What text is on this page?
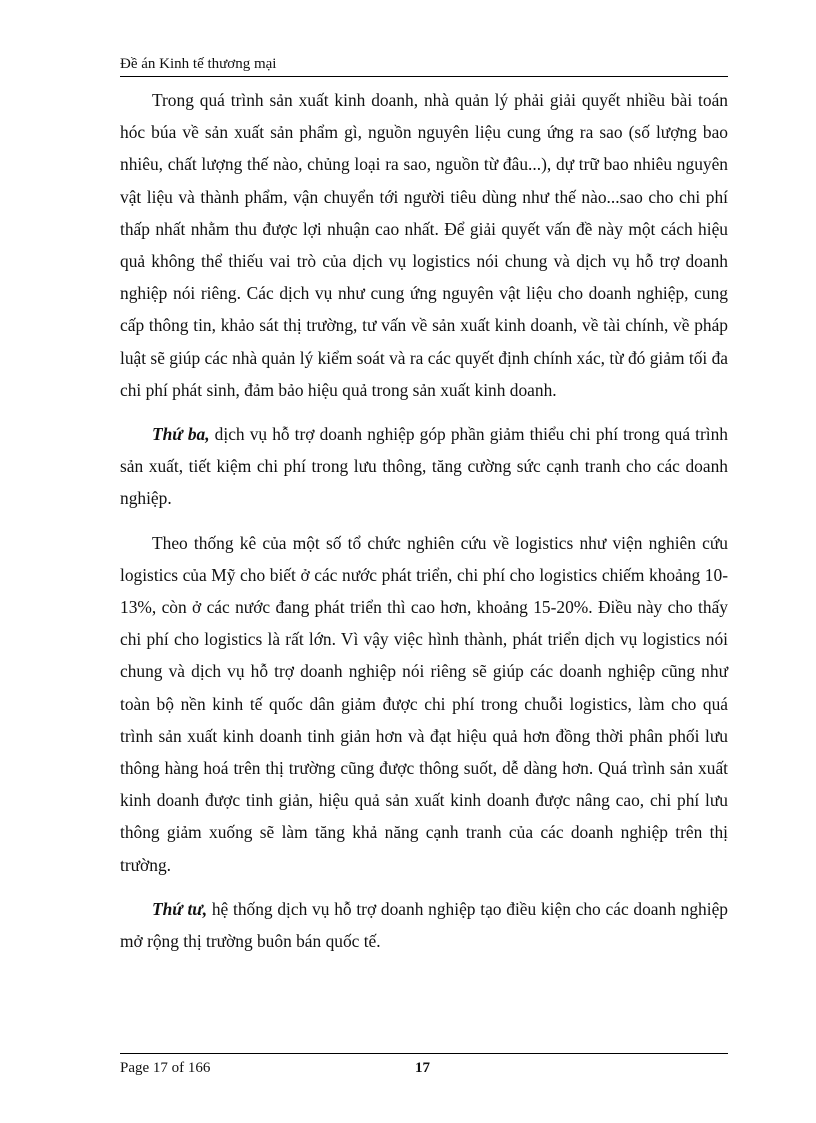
Đề án Kinh tế thương mại

Trong quá trình sản xuất kinh doanh, nhà quản lý phải giải quyết nhiều bài toán hóc búa về sản xuất sản phẩm gì, nguồn nguyên liệu cung ứng ra sao (số lượng bao nhiêu, chất lượng thế nào, chủng loại ra sao, nguồn từ đâu...), dự trữ bao nhiêu nguyên vật liệu và thành phẩm, vận chuyển tới người tiêu dùng như thế nào...sao cho chi phí thấp nhất nhằm thu được lợi nhuận cao nhất. Để giải quyết vấn đề này một cách hiệu quả không thể thiếu vai trò của dịch vụ logistics nói chung và dịch vụ hỗ trợ doanh nghiệp nói riêng. Các dịch vụ như cung ứng nguyên vật liệu cho doanh nghiệp, cung cấp thông tin, khảo sát thị trường, tư vấn về sản xuất kinh doanh, về tài chính, về pháp luật sẽ giúp các nhà quản lý kiểm soát và ra các quyết định chính xác, từ đó giảm tối đa chi phí phát sinh, đảm bảo hiệu quả trong sản xuất kinh doanh.

Thứ ba, dịch vụ hỗ trợ doanh nghiệp góp phần giảm thiểu chi phí trong quá trình sản xuất, tiết kiệm chi phí trong lưu thông, tăng cường sức cạnh tranh cho các doanh nghiệp.

Theo thống kê của một số tổ chức nghiên cứu về logistics như viện nghiên cứu logistics của Mỹ cho biết ở các nước phát triển, chi phí cho logistics chiếm khoảng 10-13%, còn ở các nước đang phát triển thì cao hơn, khoảng 15-20%. Điều này cho thấy chi phí cho logistics là rất lớn. Vì vậy việc hình thành, phát triển dịch vụ logistics nói chung và dịch vụ hỗ trợ doanh nghiệp nói riêng sẽ giúp các doanh nghiệp cũng như toàn bộ nền kinh tế quốc dân giảm được chi phí trong chuỗi logistics, làm cho quá trình sản xuất kinh doanh tinh giản hơn và đạt hiệu quả hơn đồng thời phân phối lưu thông hàng hoá trên thị trường cũng được thông suốt, dễ dàng hơn. Quá trình sản xuất kinh doanh được tinh giản, hiệu quả sản xuất kinh doanh được nâng cao, chi phí lưu thông giảm xuống sẽ làm tăng khả năng cạnh tranh của các doanh nghiệp trên thị trường.

Thứ tư, hệ thống dịch vụ hỗ trợ doanh nghiệp tạo điều kiện cho các doanh nghiệp mở rộng thị trường buôn bán quốc tế.

Page 17 of 166	17
